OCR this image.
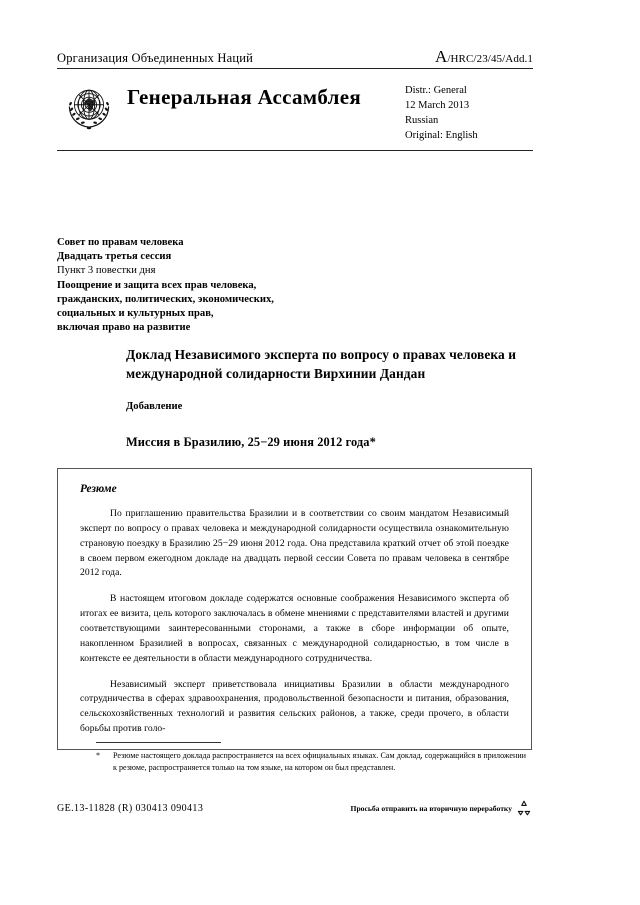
Организация Объединенных Наций	A/HRC/23/45/Add.1
Генеральная Ассамблея	Distr.: General
12 March 2013
Russian
Original: English
Совет по правам человека
Двадцать третья сессия
Пункт 3 повестки дня
Поощрение и защита всех прав человека,
гражданских, политических, экономических,
социальных и культурных прав,
включая право на развитие
Доклад Независимого эксперта по вопросу о правах человека и международной солидарности Вирхинии Дандан
Добавление
Миссия в Бразилию, 25−29 июня 2012 года*
Резюме

По приглашению правительства Бразилии и в соответствии со своим мандатом Независимый эксперт по вопросу о правах человека и международной солидарности осуществила ознакомительную страновую поездку в Бразилию 25−29 июня 2012 года. Она представила краткий отчет об этой поездке в своем первом ежегодном докладе на двадцать первой сессии Совета по правам человека в сентябре 2012 года.

В настоящем итоговом докладе содержатся основные соображения Независимого эксперта об итогах ее визита, цель которого заключалась в обмене мнениями с представителями властей и другими соответствующими заинтересованными сторонами, а также в сборе информации об опыте, накопленном Бразилией в вопросах, связанных с международной солидарностью, в том числе в контексте ее деятельности в области международного сотрудничества.

Независимый эксперт приветствовала инициативы Бразилии в области международного сотрудничества в сферах здравоохранения, продовольственной безопасности и питания, образования, сельскохозяйственных технологий и развития сельских районов, а также, среди прочего, в области борьбы против голо-

*	Резюме настоящего доклада распространяется на всех официальных языках. Сам доклад, содержащийся в приложении к резюме, распространяется только на том языке, на котором он был представлен.
GE.13-11828 (R) 030413 090413	Просьба отправить на вторичную переработку
